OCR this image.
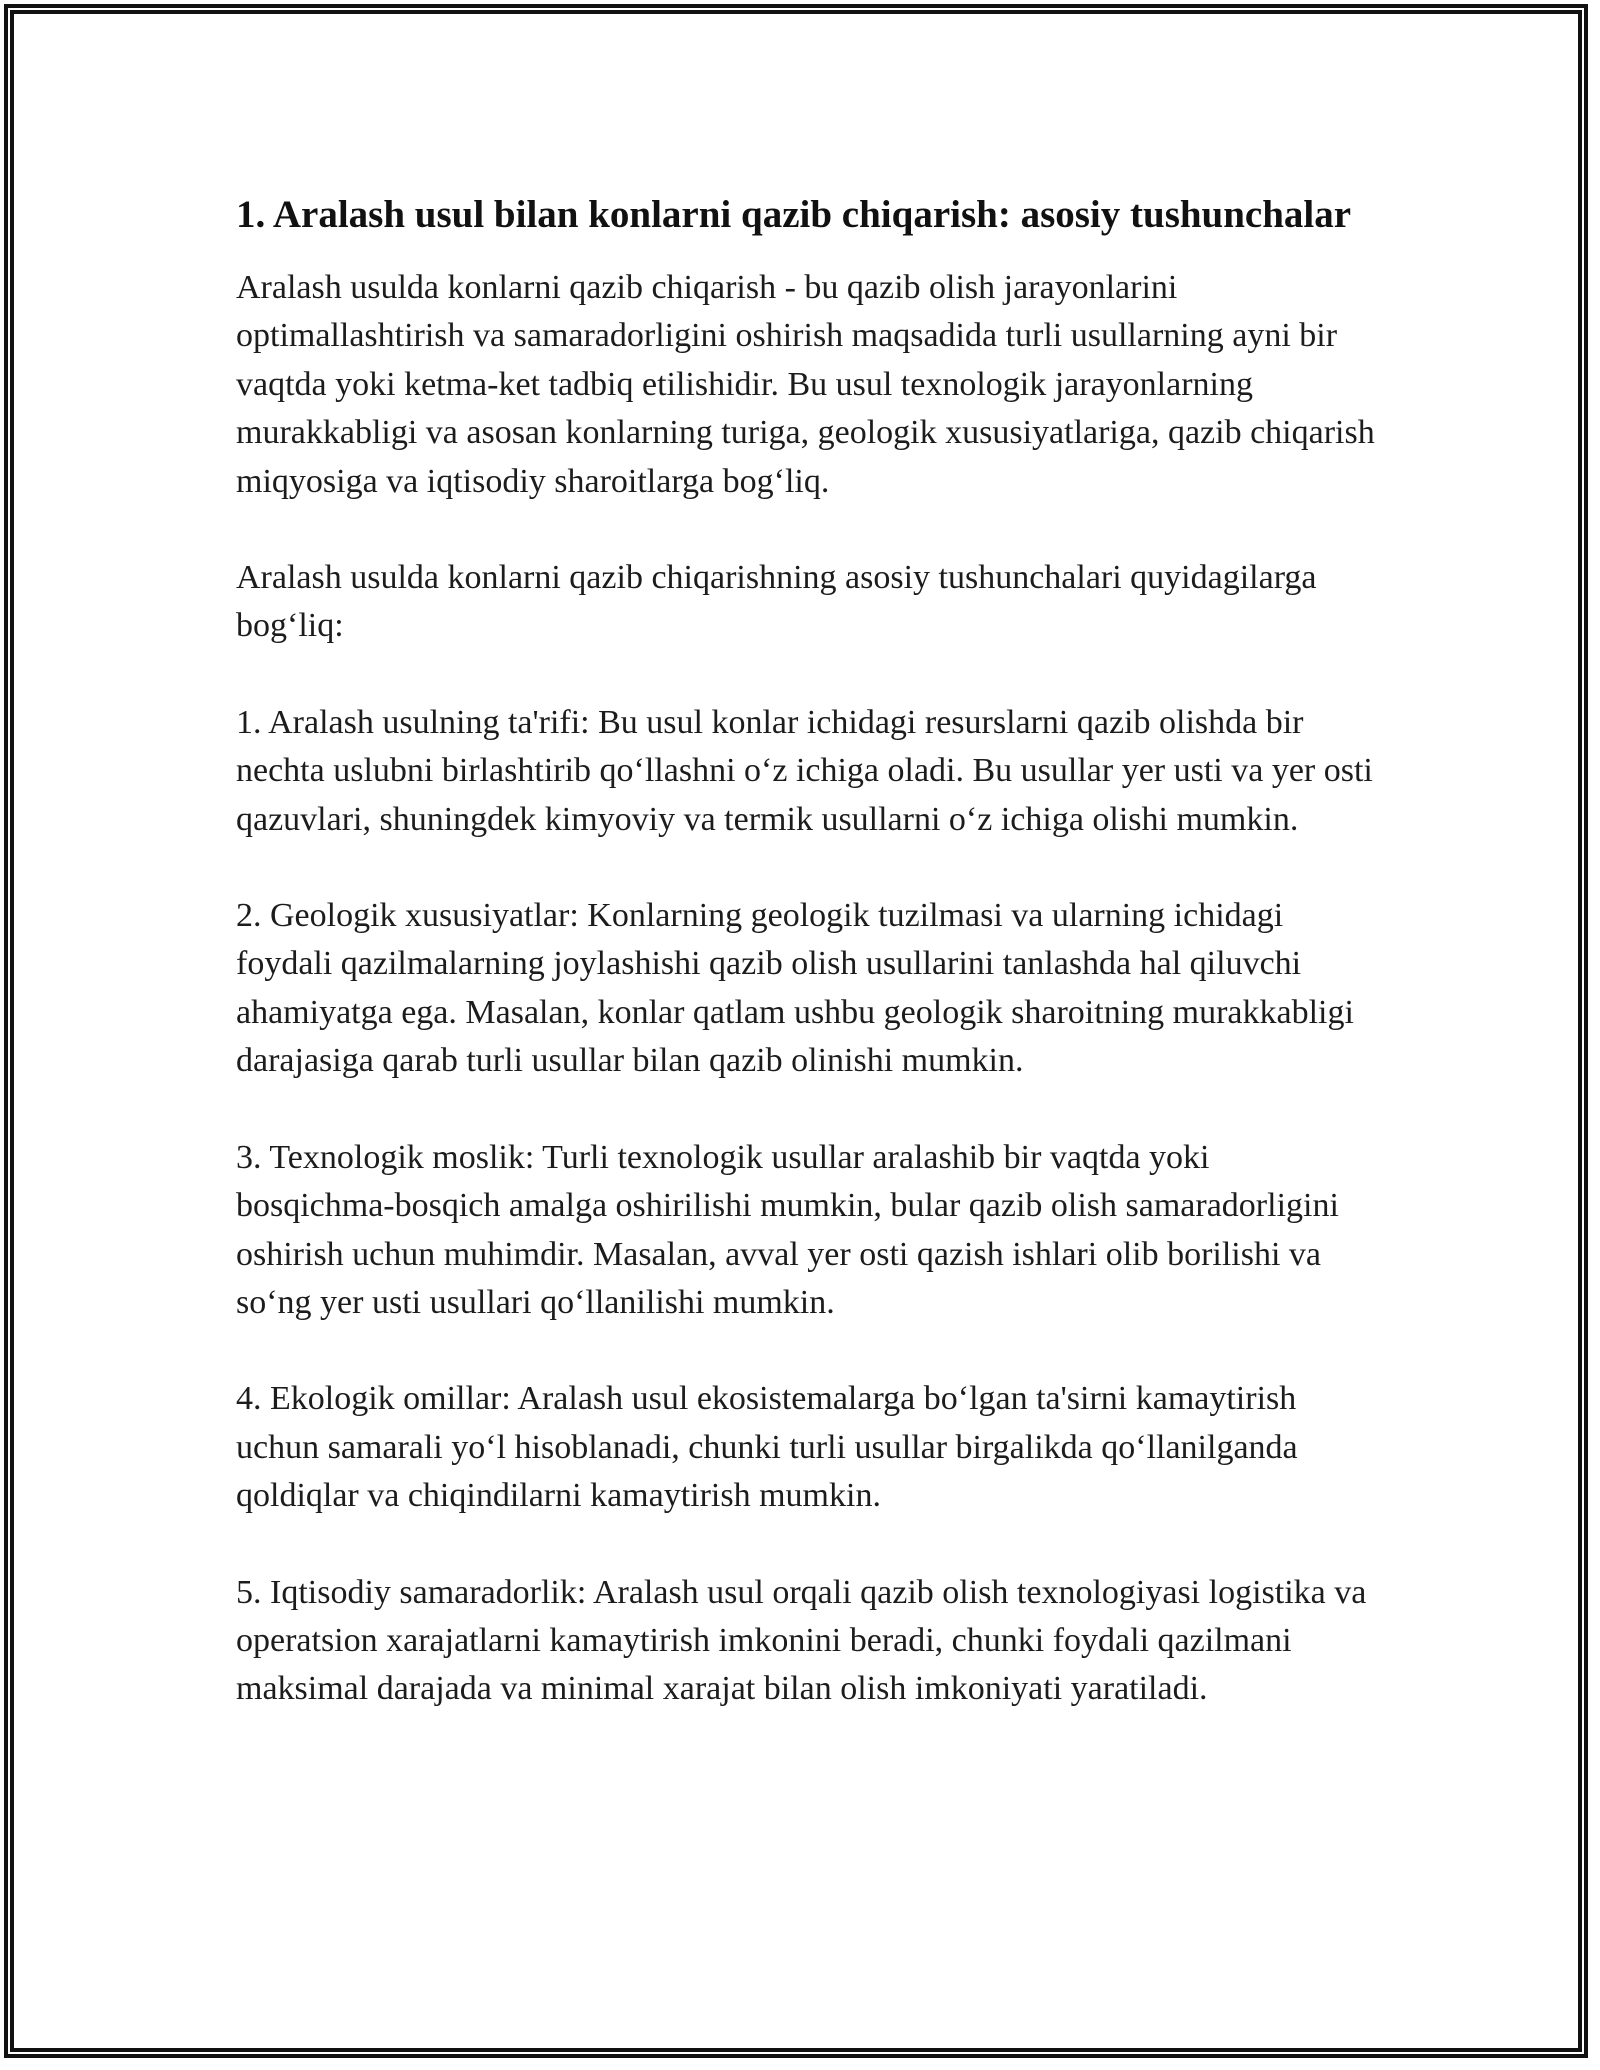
1. Aralash usul bilan konlarni qazib chiqarish: asosiy tushunchalar

Aralash usulda konlarni qazib chiqarish - bu qazib olish jarayonlarini optimallashtirish va samaradorligini oshirish maqsadida turli usullarning ayni bir vaqtda yoki ketma-ket tadbiq etilishidir. Bu usul texnologik jarayonlarning murakkabligi va asosan konlarning turiga, geologik xususiyatlariga, qazib chiqarish miqyosiga va iqtisodiy sharoitlarga bog‘liq.

Aralash usulda konlarni qazib chiqarishning asosiy tushunchalari quyidagilarga bog‘liq:

1. Aralash usulning ta'rifi: Bu usul konlar ichidagi resurslarni qazib olishda bir nechta uslubni birlashtirib qo‘llashni o‘z ichiga oladi. Bu usullar yer usti va yer osti qazuvlari, shuningdek kimyoviy va termik usullarni o‘z ichiga olishi mumkin.

2. Geologik xususiyatlar: Konlarning geologik tuzilmasi va ularning ichidagi foydali qazilmalarning joylashishi qazib olish usullarini tanlashda hal qiluvchi ahamiyatga ega. Masalan, konlar qatlam ushbu geologik sharoitning murakkabligi darajasiga qarab turli usullar bilan qazib olinishi mumkin.

3. Texnologik moslik: Turli texnologik usullar aralashib bir vaqtda yoki bosqichma-bosqich amalga oshirilishi mumkin, bular qazib olish samaradorligini oshirish uchun muhimdir. Masalan, avval yer osti qazish ishlari olib borilishi va so‘ng yer usti usullari qo‘llanilishi mumkin.

4. Ekologik omillar: Aralash usul ekosistemalarga bo‘lgan ta'sirni kamaytirish uchun samarali yo‘l hisoblanadi, chunki turli usullar birgalikda qo‘llanilganda qoldiqlar va chiqindilarni kamaytirish mumkin.

5. Iqtisodiy samaradorlik: Aralash usul orqali qazib olish texnologiyasi logistika va operatsion xarajatlarni kamaytirish imkonini beradi, chunki foydali qazilmani maksimal darajada va minimal xarajat bilan olish imkoniyati yaratiladi.
